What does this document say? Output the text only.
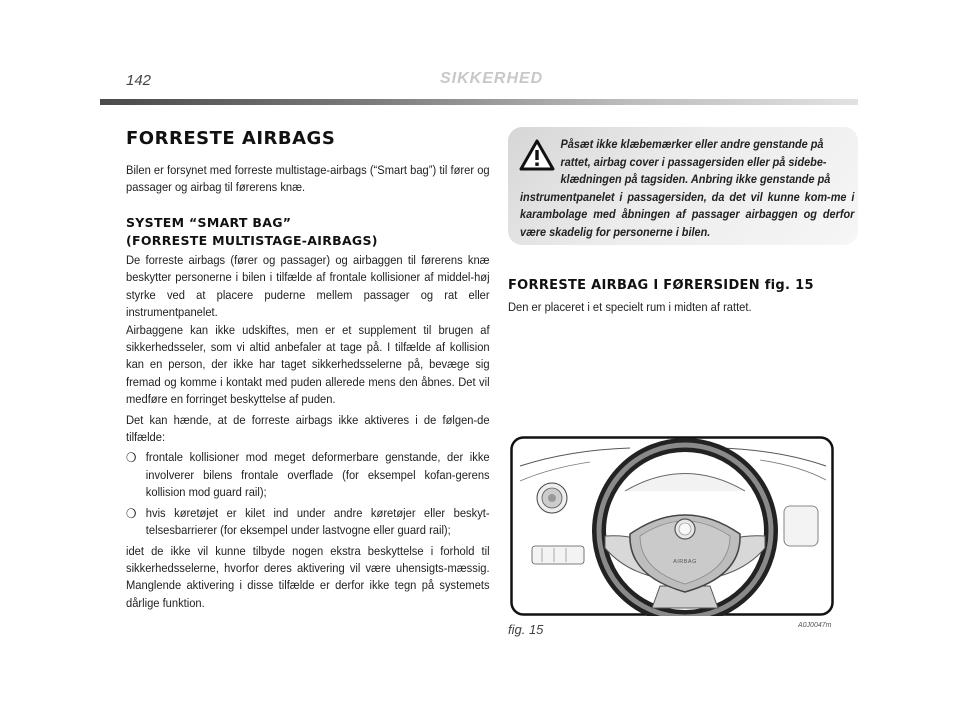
142	SIKKERHED
FORRESTE AIRBAGS

Bilen er forsynet med forreste multistage-airbags (“Smart bag”) til fører og passager og airbag til førerens knæ.

SYSTEM “SMART BAG”
(FORRESTE MULTISTAGE-AIRBAGS)

De forreste airbags (fører og passager) og airbaggen til førerens knæ beskytter personerne i bilen i tilfælde af frontale kollisioner af middel-høj styrke ved at placere puderne mellem passager og rat eller instrumentpanelet.

Airbaggene kan ikke udskiftes, men er et supplement til brugen af sikkerhedsseler, som vi altid anbefaler at tage på. I tilfælde af kollision kan en person, der ikke har taget sikkerhedsselerne på, bevæge sig fremad og komme i kontakt med puden allerede mens den åbnes. Det vil medføre en forringet beskyttelse af puden.

Det kan hænde, at de forreste airbags ikke aktiveres i de følgen-de tilfælde:

❍ frontale kollisioner mod meget deformerbare genstande, der ikke involverer bilens frontale overflade (for eksempel kofan-gerens kollision mod guard rail);
❍ hvis køretøjet er kilet ind under andre køretøjer eller beskyt-telsesbarrierer (for eksempel under lastvogne eller guard rail);

idet de ikke vil kunne tilbyde nogen ekstra beskyttelse i forhold til sikkerhedsselerne, hvorfor deres aktivering vil være uhensigts-mæssig. Manglende aktivering i disse tilfælde er derfor ikke tegn på systemets dårlige funktion.

Påsæt ikke klæbemærker eller andre genstande på
rattet, airbag cover i passagersiden eller på sidebe-
klædningen på tagsiden. Anbring ikke genstande på
instrumentpanelet i passagersiden, da det vil kunne kom-me i karambolage med åbningen af passager airbaggen og derfor være skadelig for personerne i bilen.
FORRESTE AIRBAG I FØRERSIDEN fig. 15
Den er placeret i et specielt rum i midten af rattet.
AIRBAG
fig. 15	A0J0047m
